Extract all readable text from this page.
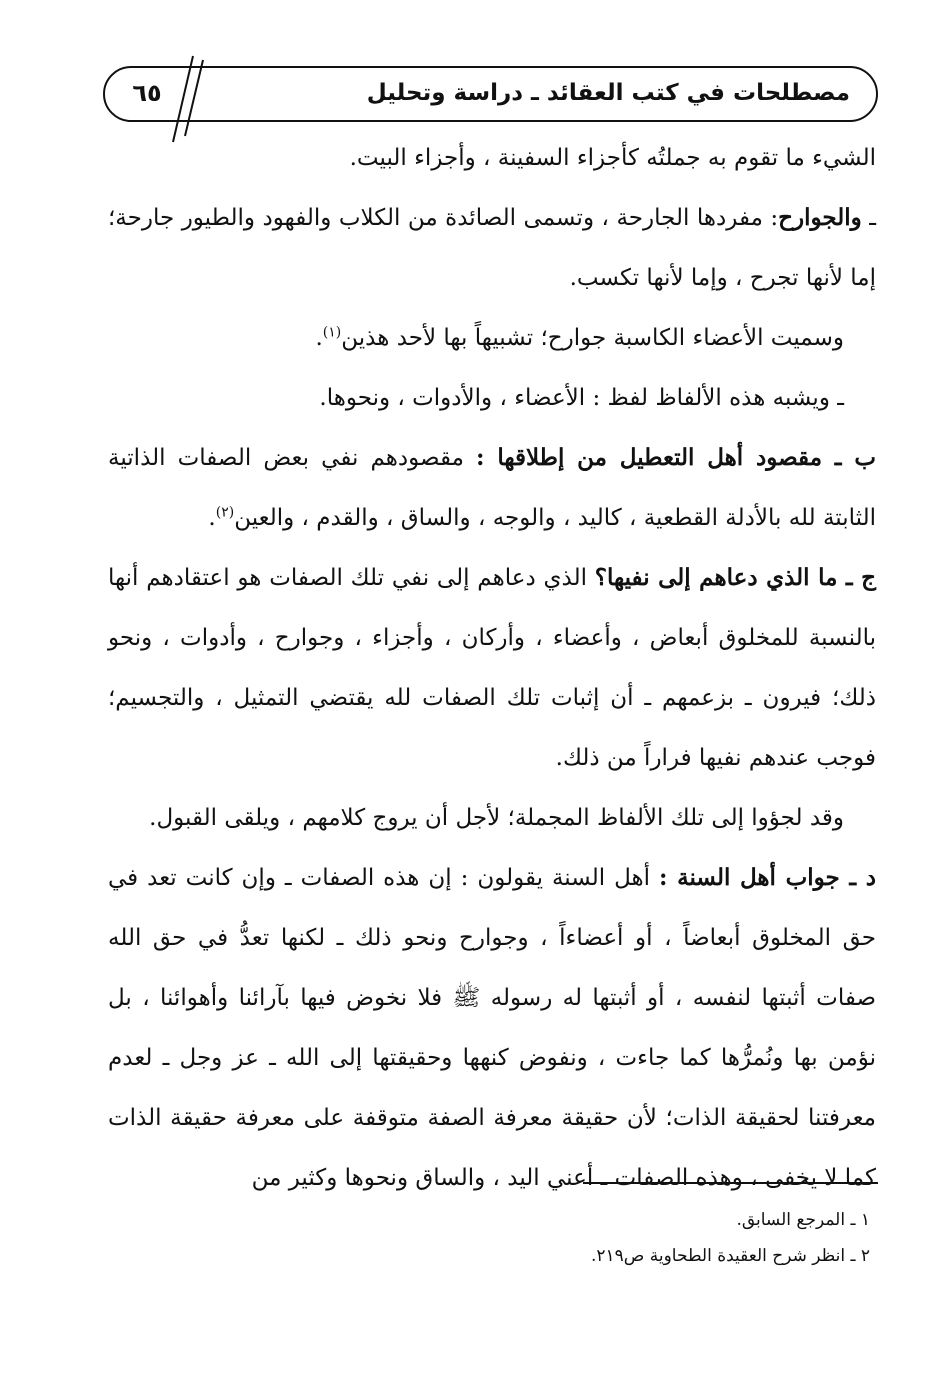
مصطلحات في كتب العقائد ـ دراسة وتحليل
٦٥

الشيء ما تقوم به جملتُه كأجزاء السفينة ، وأجزاء البيت.

ـ والجوارح: مفردها الجارحة ، وتسمى الصائدة من الكلاب والفهود والطيور جارحة؛ إما لأنها تجرح ، وإما لأنها تكسب.

وسميت الأعضاء الكاسبة جوارح؛ تشبيهاً بها لأحد هذين$^{(١)}$.

ـ ويشبه هذه الألفاظ لفظ : الأعضاء ، والأدوات ، ونحوها.

ب ـ مقصود أهل التعطيل من إطلاقها : مقصودهم نفي بعض الصفات الذاتية الثابتة لله بالأدلة القطعية ، كاليد ، والوجه ، والساق ، والقدم ، والعين$^{(٢)}$.

ج ـ ما الذي دعاهم إلى نفيها؟ الذي دعاهم إلى نفي تلك الصفات هو اعتقادهم أنها بالنسبة للمخلوق أبعاض ، وأعضاء ، وأركان ، وأجزاء ، وجوارح ، وأدوات ، ونحو ذلك؛ فيرون ـ بزعمهم ـ أن إثبات تلك الصفات لله يقتضي التمثيل ، والتجسيم؛ فوجب عندهم نفيها فراراً من ذلك.

وقد لجؤوا إلى تلك الألفاظ المجملة؛ لأجل أن يروج كلامهم ، ويلقى القبول.

د ـ جواب أهل السنة : أهل السنة يقولون : إن هذه الصفات ـ وإن كانت تعد في حق المخلوق أبعاضاً ، أو أعضاءاً ، وجوارح ونحو ذلك ـ لكنها تعدُّ في حق الله صفات أثبتها لنفسه ، أو أثبتها له رسوله ﷺ فلا نخوض فيها بآرائنا وأهوائنا ، بل نؤمن بها ونُمرُّها كما جاءت ، ونفوض كنهها وحقيقتها إلى الله ـ عز وجل ـ لعدم معرفتنا لحقيقة الذات؛ لأن حقيقة معرفة الصفة متوقفة على معرفة حقيقة الذات كما لا يخفى ، وهذه الصفات ـ أعني اليد ، والساق ونحوها وكثير من

١ ـ المرجع السابق.

٢ ـ انظر شرح العقيدة الطحاوية ص٢١٩.
